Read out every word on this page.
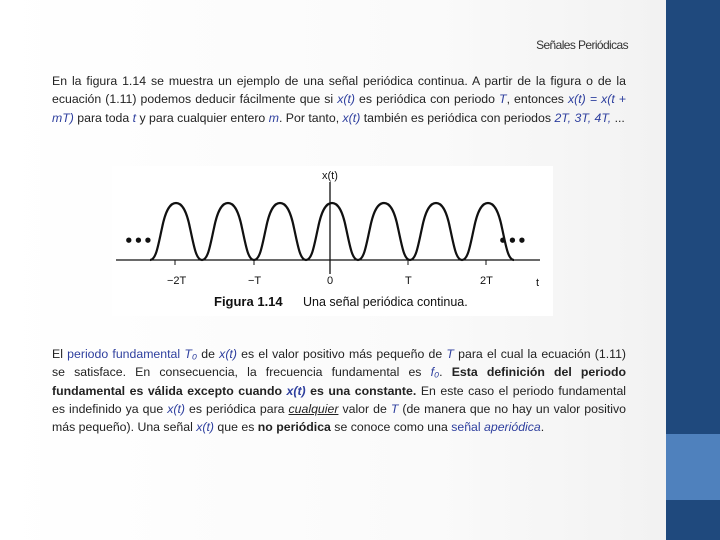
Señales Periódicas

En la figura 1.14 se muestra un ejemplo de una señal periódica continua. A partir de la figura o de la ecuación (1.11) podemos deducir fácilmente que si x(t) es periódica con periodo T, entonces x(t) = x(t + mT) para toda t y para cualquier entero m. Por tanto, x(t) también es periódica con periodos 2T, 3T, 4T, ...

x(t)
t
•••	•••
−2T	−T	0	T	2T
Figura 1.14 Una señal periódica continua.

El periodo fundamental T₀ de x(t) es el valor positivo más pequeño de T para el cual la ecuación (1.11) se satisface. En consecuencia, la frecuencia fundamental es f₀. Esta definición del periodo fundamental es válida excepto cuando x(t) es una constante. En este caso el periodo fundamental es indefinido ya que x(t) es periódica para cualquier valor de T (de manera que no hay un valor positivo más pequeño). Una señal x(t) que es no periódica se conoce como una señal aperiódica.
